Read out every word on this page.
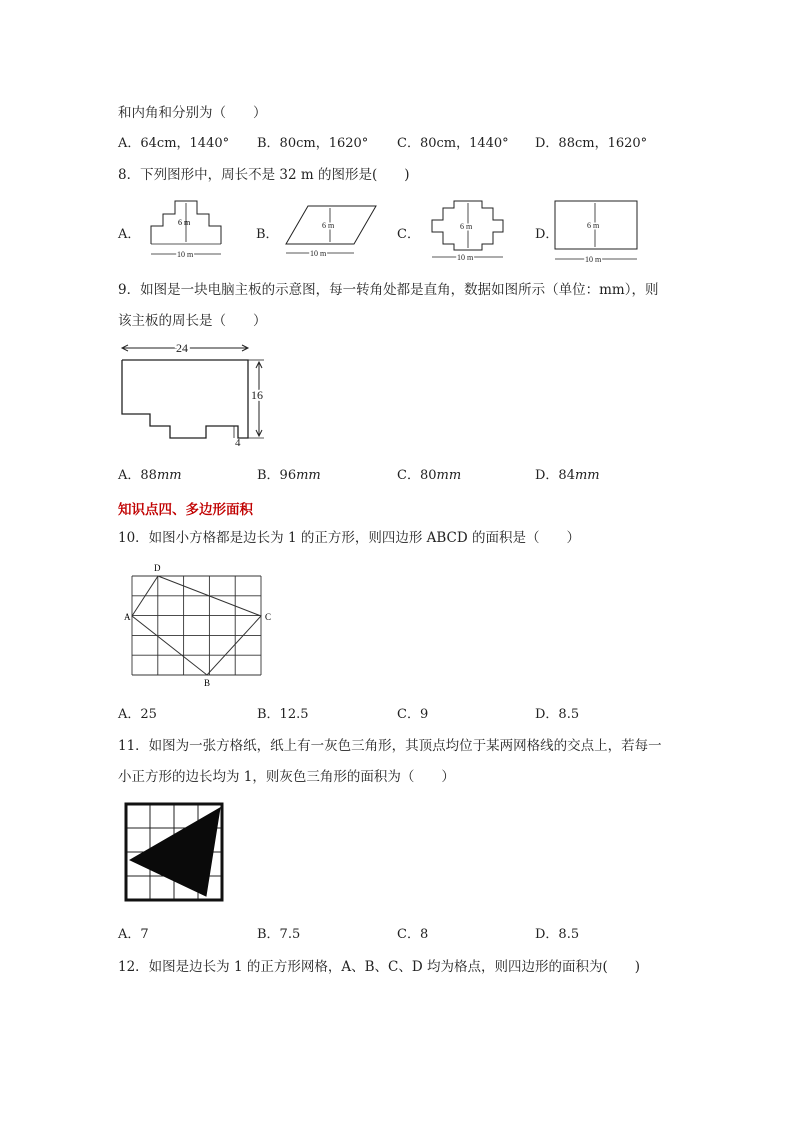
和内角和分别为（　　）
A．64cm，1440° B．80cm，1620° C．80cm，1440° D．88cm，1620°
8．下列图形中，周长不是 32 m 的图形是(　　)
A．	B．	C．	D．
6 m
10 m
6 m
10 m
6 m
10 m
6 m
10 m
9．如图是一块电脑主板的示意图，每一转角处都是直角，数据如图所示（单位：mm），则
该主板的周长是（　　）
24
16
4
A．88mm	B．96mm	C．80mm	D．84mm
知识点四、多边形面积
10．如图小方格都是边长为 1 的正方形，则四边形 ABCD 的面积是（　　）
A
B
C
D
A．25	B．12.5	C．9	D．8.5
11．如图为一张方格纸，纸上有一灰色三角形，其顶点均位于某两网格线的交点上，若每一
小正方形的边长均为 1，则灰色三角形的面积为（　　）
A．7	B．7.5	C．8	D．8.5
12．如图是边长为 1 的正方形网格，A、B、C、D 均为格点，则四边形的面积为(　　)
